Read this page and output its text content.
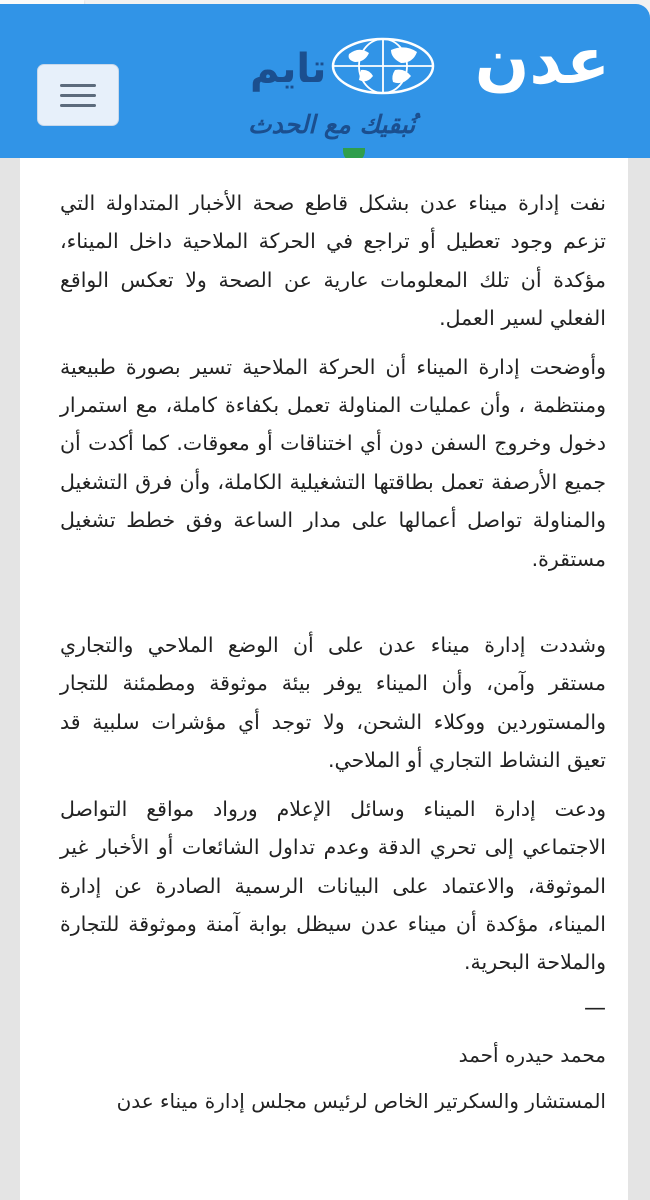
عدن
تايم
نُبقيك مع الحدث

نفت إدارة ميناء عدن بشكل قاطع صحة الأخبار المتداولة التي تزعم وجود تعطيل أو تراجع في الحركة الملاحية داخل الميناء، مؤكدة أن تلك المعلومات عارية عن الصحة ولا تعكس الواقع الفعلي لسير العمل.

وأوضحت إدارة الميناء أن الحركة الملاحية تسير بصورة طبيعية ومنتظمة ، وأن عمليات المناولة تعمل بكفاءة كاملة، مع استمرار دخول وخروج السفن دون أي اختناقات أو معوقات. كما أكدت أن جميع الأرصفة تعمل بطاقتها التشغيلية الكاملة، وأن فرق التشغيل والمناولة تواصل أعمالها على مدار الساعة وفق خطط تشغيل مستقرة.

وشددت إدارة ميناء عدن على أن الوضع الملاحي والتجاري مستقر وآمن، وأن الميناء يوفر بيئة موثوقة ومطمئنة للتجار والمستوردين ووكلاء الشحن، ولا توجد أي مؤشرات سلبية قد تعيق النشاط التجاري أو الملاحي.

ودعت إدارة الميناء وسائل الإعلام ورواد مواقع التواصل الاجتماعي إلى تحري الدقة وعدم تداول الشائعات أو الأخبار غير الموثوقة، والاعتماد على البيانات الرسمية الصادرة عن إدارة الميناء، مؤكدة أن ميناء عدن سيظل بوابة آمنة وموثوقة للتجارة والملاحة البحرية.

—

محمد حيدره أحمد

المستشار والسكرتير الخاص لرئيس مجلس إدارة ميناء عدن
